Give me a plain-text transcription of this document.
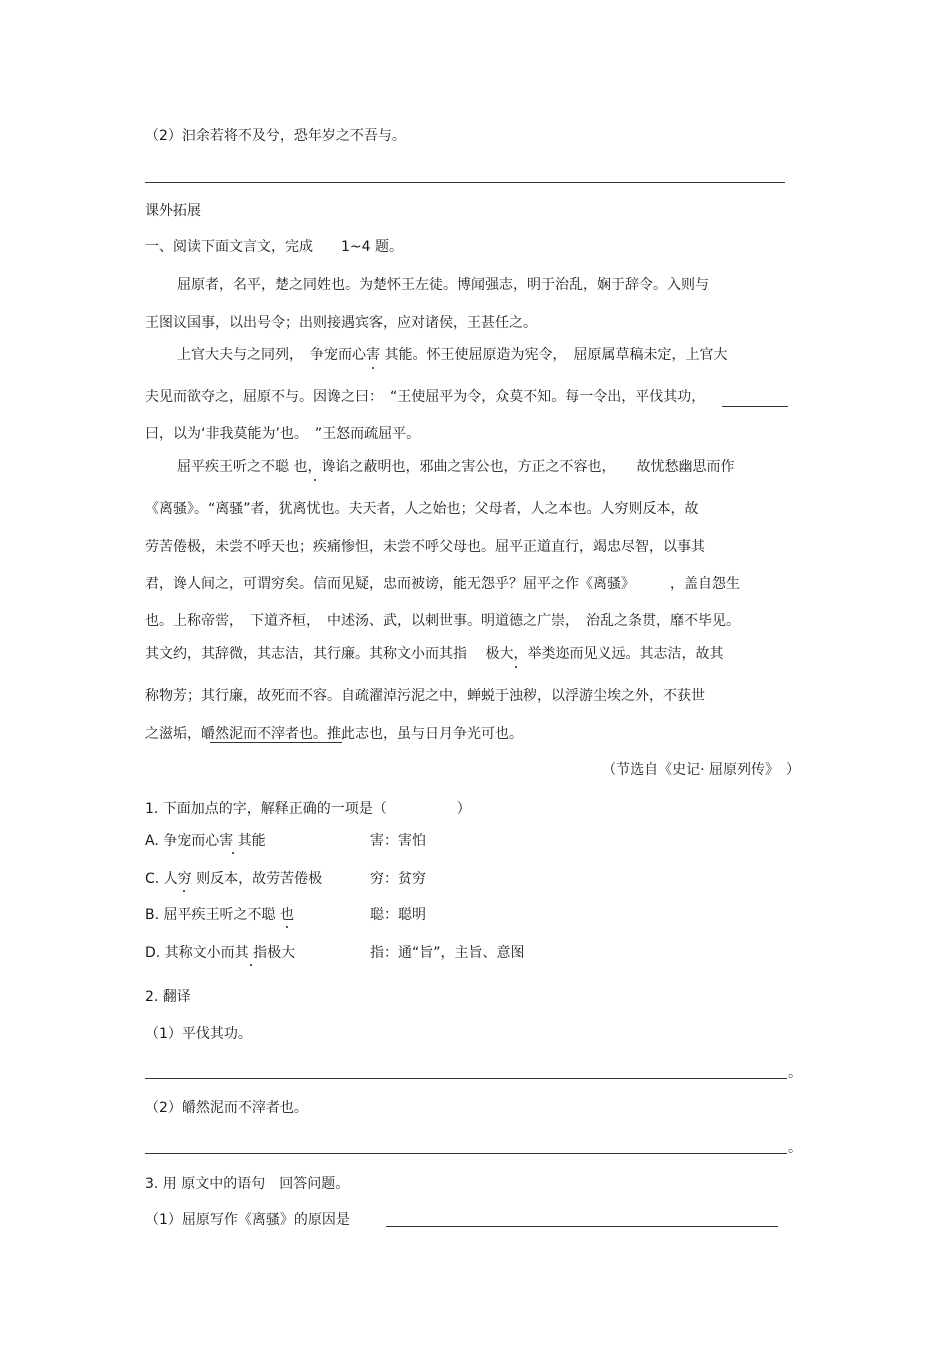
（2）汩余若将不及兮，恐年岁之不吾与。
课外拓展
一、阅读下面文言文，完成　　1~4 题。
屈原者，名平，楚之同姓也。为楚怀王左徒。博闻强志，明于治乱，娴于辞令。入则与
王图议国事，以出号令；出则接遇宾客，应对诸侯，王甚任之。
上官大夫与之同列，　争宠而心害 其能。怀王使屈原造为宪令，　屈原属草稿未定，上官大
夫见而欲夺之，屈原不与。因谗之曰：　“王使屈平为令，众莫不知。每一令出，平伐其功，
曰，以为‘非我莫能为’也。　”王怒而疏屈平。
屈平疾王听之不聪 也，谗谄之蔽明也，邪曲之害公也，方正之不容也，　　故忧愁幽思而作
《离骚》。“离骚”者，犹离忧也。夫天者，人之始也；父母者，人之本也。人穷则反本，故
劳苦倦极，未尝不呼天也；疾痛惨怛，未尝不呼父母也。屈平正道直行，竭忠尽智，以事其
君，谗人间之，可谓穷矣。信而见疑，忠而被谤，能无怨乎？屈平之作《离骚》　　　，盖自怨生
也。上称帝喾，　下道齐桓，　中述汤、武，以刺世事。明道德之广崇，　治乱之条贯，靡不毕见。
其文约，其辞微，其志洁，其行廉。其称文小而其指　 极大，举类迩而见义远。其志洁，故其
称物芳；其行廉，故死而不容。自疏濯淖污泥之中，蝉蜕于浊秽，以浮游尘埃之外，不获世
之滋垢，皭然泥而不滓者也。推此志也，虽与日月争光可也。
（节选自《史记· 屈原列传》　）
1. 下面加点的字，解释正确的一项是（　　　　　）
A. 争宠而心害 其能	害：害怕
C. 人穷 则反本，故劳苦倦极	穷：贫穷
B. 屈平疾王听之不聪 也	聪：聪明
D. 其称文小而其 指极大	指：通“旨”，主旨、意图
2. 翻译
（1）平伐其功。
。
（2）皭然泥而不滓者也。
。
3. 用 原文中的语句　回答问题。
（1）屈原写作《离骚》的原因是
